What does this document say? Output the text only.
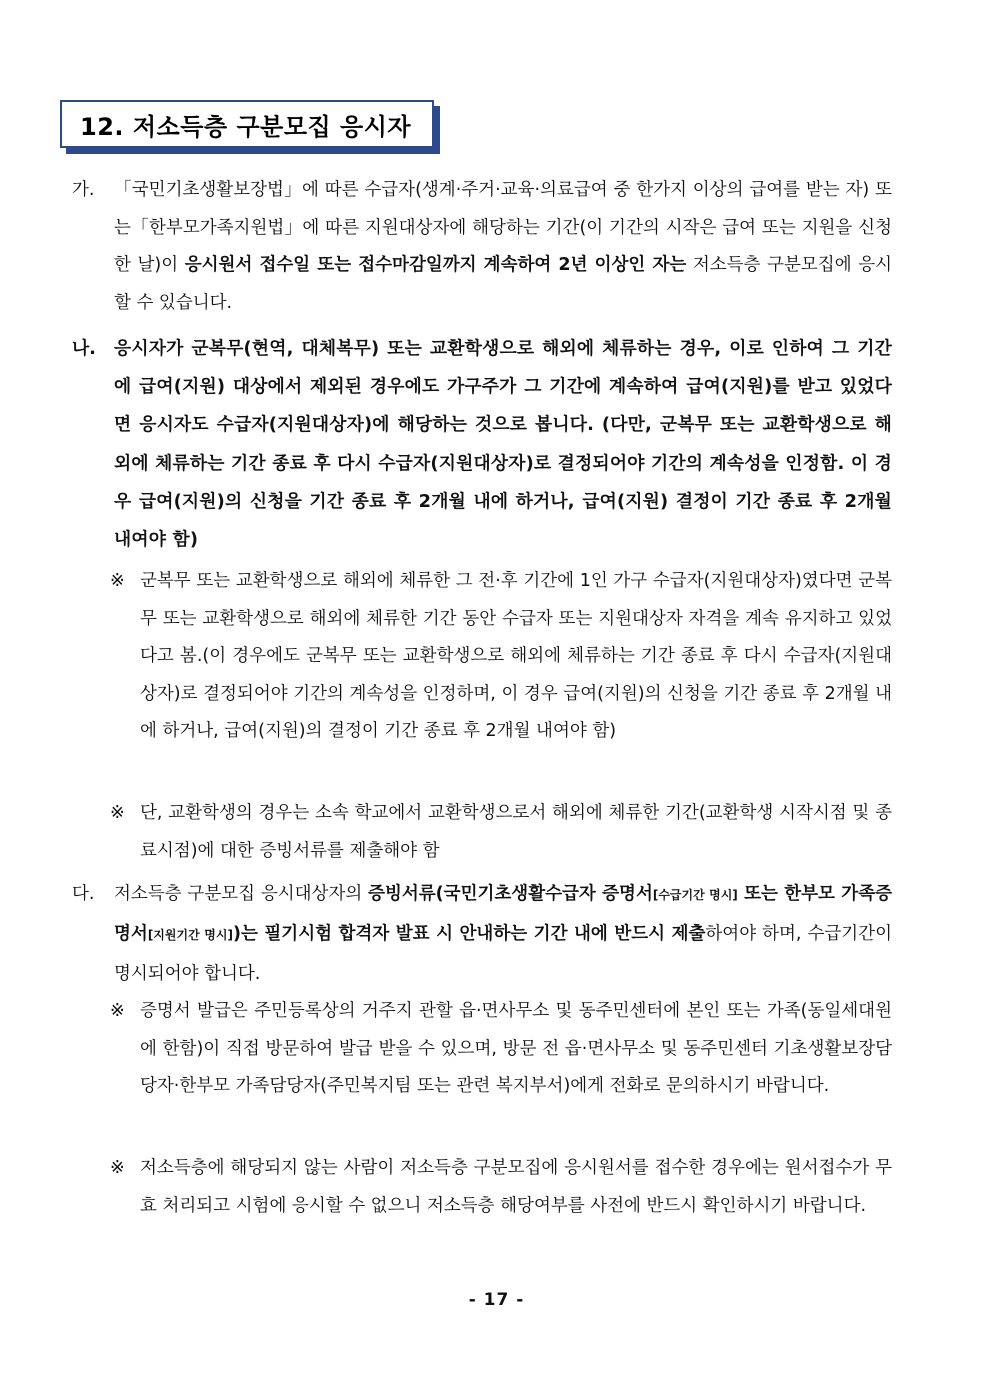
12. 저소득층 구분모집 응시자
가.	「국민기초생활보장법」에 따른 수급자(생계·주거·교육·의료급여 중 한가지 이상의 급여를 받는 자) 또는「한부모가족지원법」에 따른 지원대상자에 해당하는 기간(이 기간의 시작은 급여 또는 지원을 신청한 날)이 응시원서 접수일 또는 접수마감일까지 계속하여 2년 이상인 자는 저소득층 구분모집에 응시할 수 있습니다.
나.	응시자가 군복무(현역, 대체복무) 또는 교환학생으로 해외에 체류하는 경우, 이로 인하여 그 기간에 급여(지원) 대상에서 제외된 경우에도 가구주가 그 기간에 계속하여 급여(지원)를 받고 있었다면 응시자도 수급자(지원대상자)에 해당하는 것으로 봅니다. (다만, 군복무 또는 교환학생으로 해외에 체류하는 기간 종료 후 다시 수급자(지원대상자)로 결정되어야 기간의 계속성을 인정함. 이 경우 급여(지원)의 신청을 기간 종료 후 2개월 내에 하거나, 급여(지원) 결정이 기간 종료 후 2개월 내여야 함)
※ 군복무 또는 교환학생으로 해외에 체류한 그 전·후 기간에 1인 가구 수급자(지원대상자)였다면 군복무 또는 교환학생으로 해외에 체류한 기간 동안 수급자 또는 지원대상자 자격을 계속 유지하고 있었다고 봄.(이 경우에도 군복무 또는 교환학생으로 해외에 체류하는 기간 종료 후 다시 수급자(지원대상자)로 결정되어야 기간의 계속성을 인정하며, 이 경우 급여(지원)의 신청을 기간 종료 후 2개월 내에 하거나, 급여(지원)의 결정이 기간 종료 후 2개월 내여야 함)
※ 단, 교환학생의 경우는 소속 학교에서 교환학생으로서 해외에 체류한 기간(교환학생 시작시점 및 종료시점)에 대한 증빙서류를 제출해야 함
다.	저소득층 구분모집 응시대상자의 증빙서류(국민기초생활수급자 증명서[수급기간 명시] 또는 한부모 가족증명서[지원기간 명시])는 필기시험 합격자 발표 시 안내하는 기간 내에 반드시 제출하여야 하며, 수급기간이 명시되어야 합니다.
※ 증명서 발급은 주민등록상의 거주지 관할 읍·면사무소 및 동주민센터에 본인 또는 가족(동일세대원에 한함)이 직접 방문하여 발급 받을 수 있으며, 방문 전 읍·면사무소 및 동주민센터 기초생활보장담당자·한부모 가족담당자(주민복지팀 또는 관련 복지부서)에게 전화로 문의하시기 바랍니다.
※ 저소득층에 해당되지 않는 사람이 저소득층 구분모집에 응시원서를 접수한 경우에는 원서접수가 무효 처리되고 시험에 응시할 수 없으니 저소득층 해당여부를 사전에 반드시 확인하시기 바랍니다.
- 17 -
